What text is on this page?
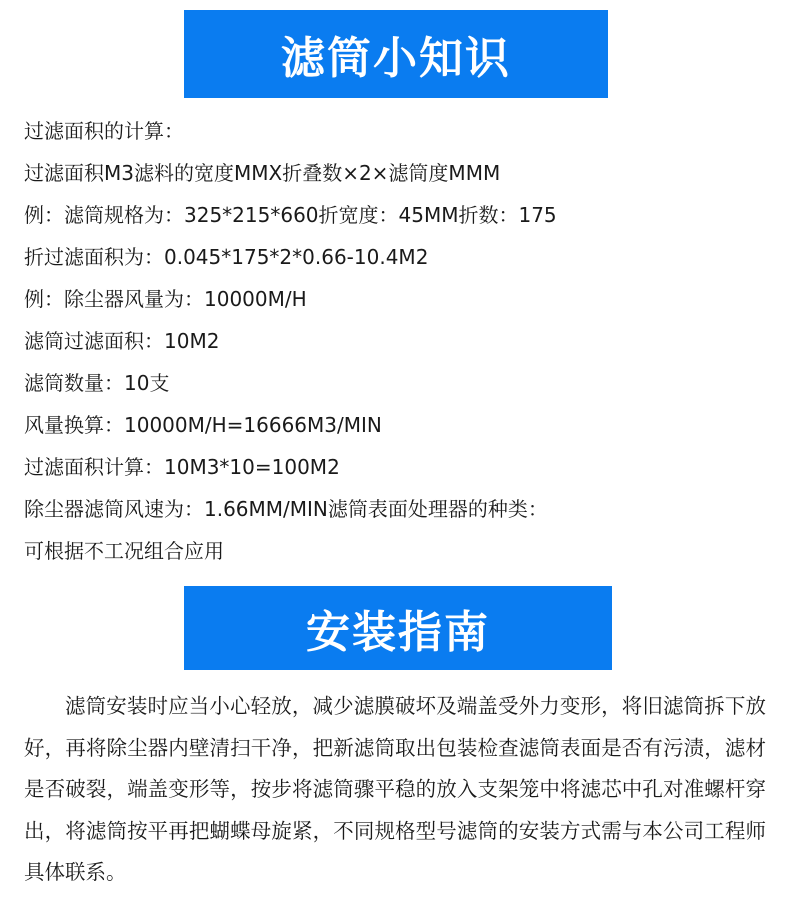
滤筒小知识
过滤面积的计算：
过滤面积M3滤料的宽度MMX折叠数×2×滤筒度MMM
例：滤筒规格为：325*215*660折宽度：45MM折数：175
折过滤面积为：0.045*175*2*0.66-10.4M2
例：除尘器风量为：10000M/H
滤筒过滤面积：10M2
滤筒数量：10支
风量换算：10000M/H=16666M3/MIN
过滤面积计算：10M3*10=100M2
除尘器滤筒风速为：1.66MM/MIN滤筒表面处理器的种类：
可根据不工况组合应用
安装指南

滤筒安装时应当小心轻放，减少滤膜破坏及端盖受外力变形，将旧滤筒拆下放好，再将除尘器内壁清扫干净，把新滤筒取出包装检查滤筒表面是否有污渍，滤材是否破裂，端盖变形等，按步将滤筒骤平稳的放入支架笼中将滤芯中孔对准螺杆穿出，将滤筒按平再把蝴蝶母旋紧，不同规格型号滤筒的安装方式需与本公司工程师具体联系。
